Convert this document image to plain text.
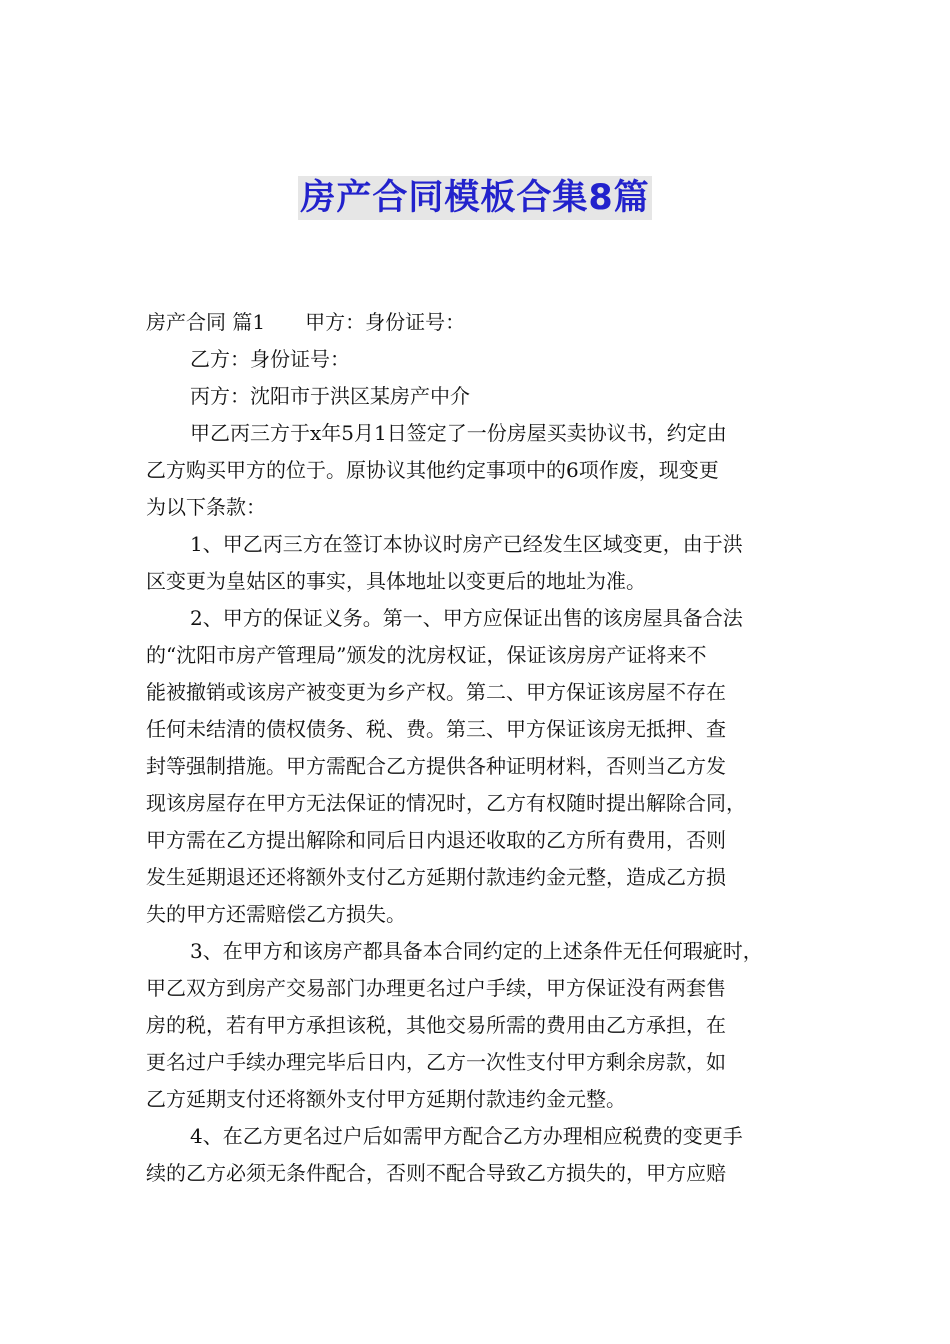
房产合同模板合集8篇
房产合同 篇1 甲方：身份证号：
乙方：身份证号：
丙方：沈阳市于洪区某房产中介
甲乙丙三方于x年5月1日签定了一份房屋买卖协议书，约定由
乙方购买甲方的位于。原协议其他约定事项中的6项作废，现变更
为以下条款：
1、甲乙丙三方在签订本协议时房产已经发生区域变更，由于洪
区变更为皇姑区的事实，具体地址以变更后的地址为准。
2、甲方的保证义务。第一、甲方应保证出售的该房屋具备合法
的“沈阳市房产管理局”颁发的沈房权证，保证该房房产证将来不
能被撤销或该房产被变更为乡产权。第二、甲方保证该房屋不存在
任何未结清的债权债务、税、费。第三、甲方保证该房无抵押、查
封等强制措施。甲方需配合乙方提供各种证明材料，否则当乙方发
现该房屋存在甲方无法保证的情况时，乙方有权随时提出解除合同，
甲方需在乙方提出解除和同后日内退还收取的乙方所有费用，否则
发生延期退还还将额外支付乙方延期付款违约金元整，造成乙方损
失的甲方还需赔偿乙方损失。
3、在甲方和该房产都具备本合同约定的上述条件无任何瑕疵时，
甲乙双方到房产交易部门办理更名过户手续，甲方保证没有两套售
房的税，若有甲方承担该税，其他交易所需的费用由乙方承担，在
更名过户手续办理完毕后日内，乙方一次性支付甲方剩余房款，如
乙方延期支付还将额外支付甲方延期付款违约金元整。
4、在乙方更名过户后如需甲方配合乙方办理相应税费的变更手
续的乙方必须无条件配合，否则不配合导致乙方损失的，甲方应赔
